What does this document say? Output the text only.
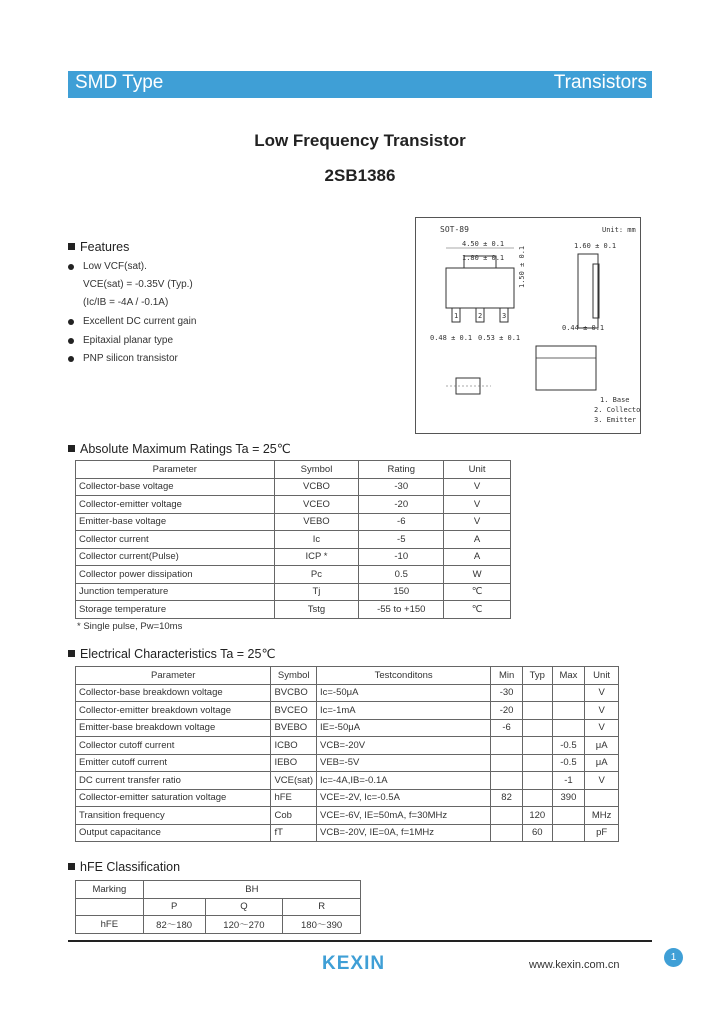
SMD Type	Transistors
Low Frequency Transistor
2SB1386
Features
Low VCF(sat).
VCE(sat) = -0.35V (Typ.)
(Ic/IB = -4A / -0.1A)
Excellent DC current gain
Epitaxial planar type
PNP silicon transistor
SOT-89	Unit: mm
4.50 ± 0.1
1.80 ± 0.1
1	2	3
0.48 ± 0.1 0.53 ± 0.1
1.50 ± 0.1	1.60 ± 0.1
0.44 ± 0.1
1. Base
2. Collector
3. Emitter
Absolute Maximum Ratings Ta = 25℃
Parameter	Symbol	Rating	Unit
Collector-base voltage	VCBO	-30	V
Collector-emitter voltage	VCEO	-20	V
Emitter-base voltage	VEBO	-6	V
Collector current	Ic	-5	A
Collector current(Pulse)	ICP *	-10	A
Collector power dissipation	Pc	0.5	W
Junction temperature	Tj	150	℃
Storage temperature	Tstg	-55 to +150	℃
* Single pulse, Pw=10ms
Electrical Characteristics Ta = 25℃
Parameter	Symbol	Testconditons	Min	Typ	Max	Unit
Collector-base breakdown voltage	BVCBO	Ic=-50μA	-30			V
Collector-emitter breakdown voltage	BVCEO	Ic=-1mA	-20			V
Emitter-base breakdown voltage	BVEBO	IE=-50μA	-6			V
Collector cutoff current	ICBO	VCB=-20V			-0.5	μA
Emitter cutoff current	IEBO	VEB=-5V			-0.5	μA
DC current transfer ratio	VCE(sat)	Ic=-4A,IB=-0.1A			-1	V
Collector-emitter saturation voltage	hFE	VCE=-2V, Ic=-0.5A	82		390	
Transition frequency	Cob	VCE=-6V, IE=50mA, f=30MHz		120		MHz
Output capacitance	fT	VCB=-20V, IE=0A, f=1MHz		60		pF
hFE Classification
Marking	BH		
	P	Q	R
hFE	82～180	120～270	180～390
KEXIN	www.kexin.com.cn
1
